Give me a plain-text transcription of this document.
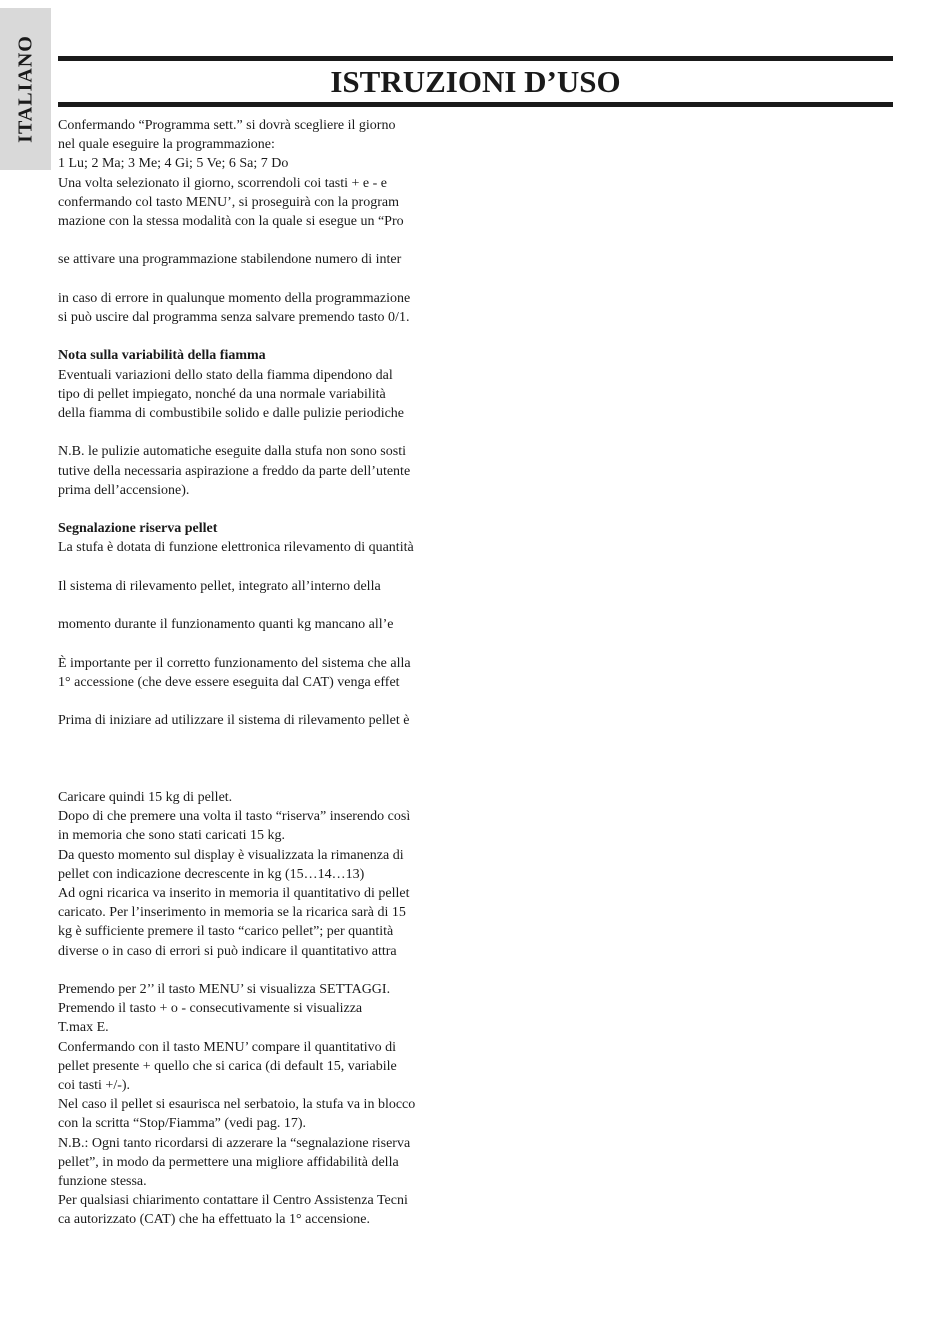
ITALIANO	ISTRUZIONI D’USO
Confermando “Programma sett.” si dovrà scegliere il giorno
nel quale eseguire la programmazione:
1 Lu; 2 Ma; 3 Me; 4 Gi; 5 Ve; 6 Sa; 7 Do
Una volta selezionato il giorno, scorrendoli coi tasti + e - e
confermando col tasto MENU’, si proseguirà con la program
mazione con la stessa modalità con la quale si esegue un “Pro
se attivare una programmazione stabilendone numero di inter
in caso di errore in qualunque momento della programmazione
si può uscire dal programma senza salvare premendo tasto 0/1.
Nota sulla variabilità della fiamma
Eventuali variazioni dello stato della fiamma dipendono dal
tipo di pellet impiegato, nonché da una normale variabilità
della fiamma di combustibile solido e dalle pulizie periodiche
N.B. le pulizie automatiche eseguite dalla stufa non sono sosti
tutive della necessaria aspirazione a freddo da parte dell’utente
prima dell’accensione).
Segnalazione riserva pellet
La stufa è dotata di funzione elettronica rilevamento di quantità
Il sistema di rilevamento pellet, integrato all’interno della
momento durante il funzionamento quanti kg mancano all’e
È importante per il corretto funzionamento del sistema che alla
1° accessione (che deve essere eseguita dal CAT) venga effet
Prima di iniziare ad utilizzare il sistema di rilevamento pellet è
Caricare quindi 15 kg di pellet.
Dopo di che premere una volta il tasto “riserva” inserendo così
in memoria che sono stati caricati 15 kg.
Da questo momento sul display è visualizzata la rimanenza di
pellet con indicazione decrescente in kg (15…14…13)
Ad ogni ricarica va inserito in memoria il quantitativo di pellet
caricato. Per l’inserimento in memoria se la ricarica sarà di 15
kg è sufficiente premere il tasto “carico pellet”; per quantità
diverse o in caso di errori si può indicare il quantitativo attra
Premendo per 2’’ il tasto MENU’ si visualizza SETTAGGI.
Premendo il tasto + o - consecutivamente si visualizza
T.max E.
Confermando con il tasto MENU’ compare il quantitativo di
pellet presente + quello che si carica (di default 15, variabile
coi tasti +/-).
Nel caso il pellet si esaurisca nel serbatoio, la stufa va in blocco
con la scritta “Stop/Fiamma” (vedi pag. 17).
N.B.: Ogni tanto ricordarsi di azzerare la “segnalazione riserva
pellet”, in modo da permettere una migliore affidabilità della
funzione stessa.
Per qualsiasi chiarimento contattare il Centro Assistenza Tecni
ca autorizzato (CAT) che ha effettuato la 1° accensione.
